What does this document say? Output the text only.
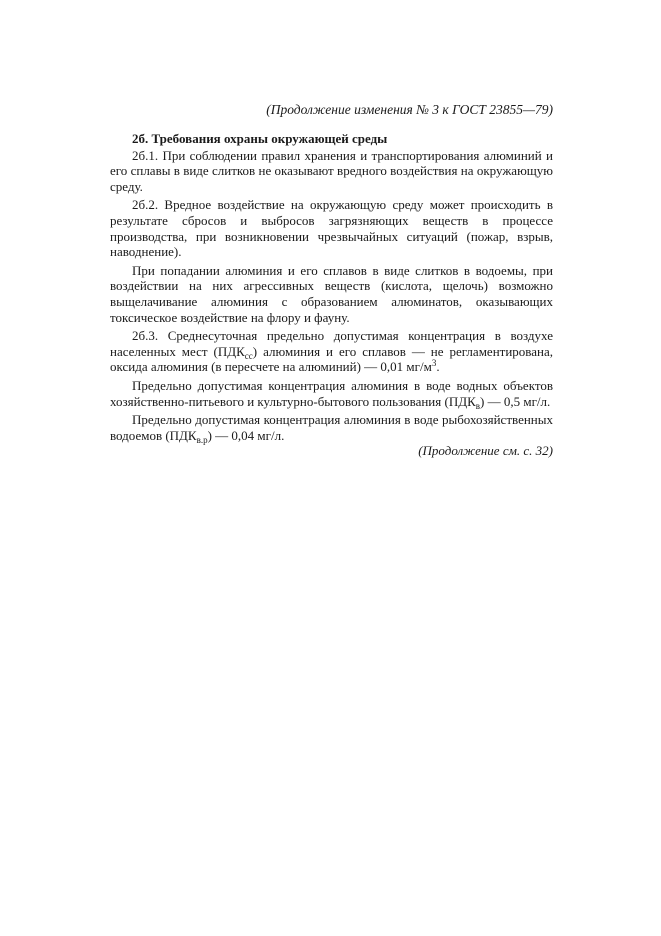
(Продолжение изменения № 3 к ГОСТ 23855—79)
2б. Требования охраны окружающей среды

2б.1. При соблюдении правил хранения и транспортирования алюминий и его сплавы в виде слитков не оказывают вредного воздействия на окружающую среду.

2б.2. Вредное воздействие на окружающую среду может происходить в результате сбросов и выбросов загрязняющих веществ в процессе производства, при возникновении чрезвычайных ситуаций (пожар, взрыв, наводнение).

При попадании алюминия и его сплавов в виде слитков в водоемы, при воздействии на них агрессивных веществ (кислота, щелочь) возможно выщелачивание алюминия с образованием алюминатов, оказывающих токсическое воздействие на флору и фауну.

2б.3. Среднесуточная предельно допустимая концентрация в воздухе населенных мест $(ПДК_{сс})$ алюминия и его сплавов — не регламентирована, оксида алюминия (в пересчете на алюминий) — 0,01 $мг/м^3$.

Предельно допустимая концентрация алюминия в воде водных объектов хозяйственно-питьевого и культурно-бытового пользования $(ПДК_в)$ — 0,5 мг/л.

Предельно допустимая концентрация алюминия в воде рыбохозяйственных водоемов $(ПДК_{в.р})$ — 0,04 мг/л.

(Продолжение см. с. 32)
